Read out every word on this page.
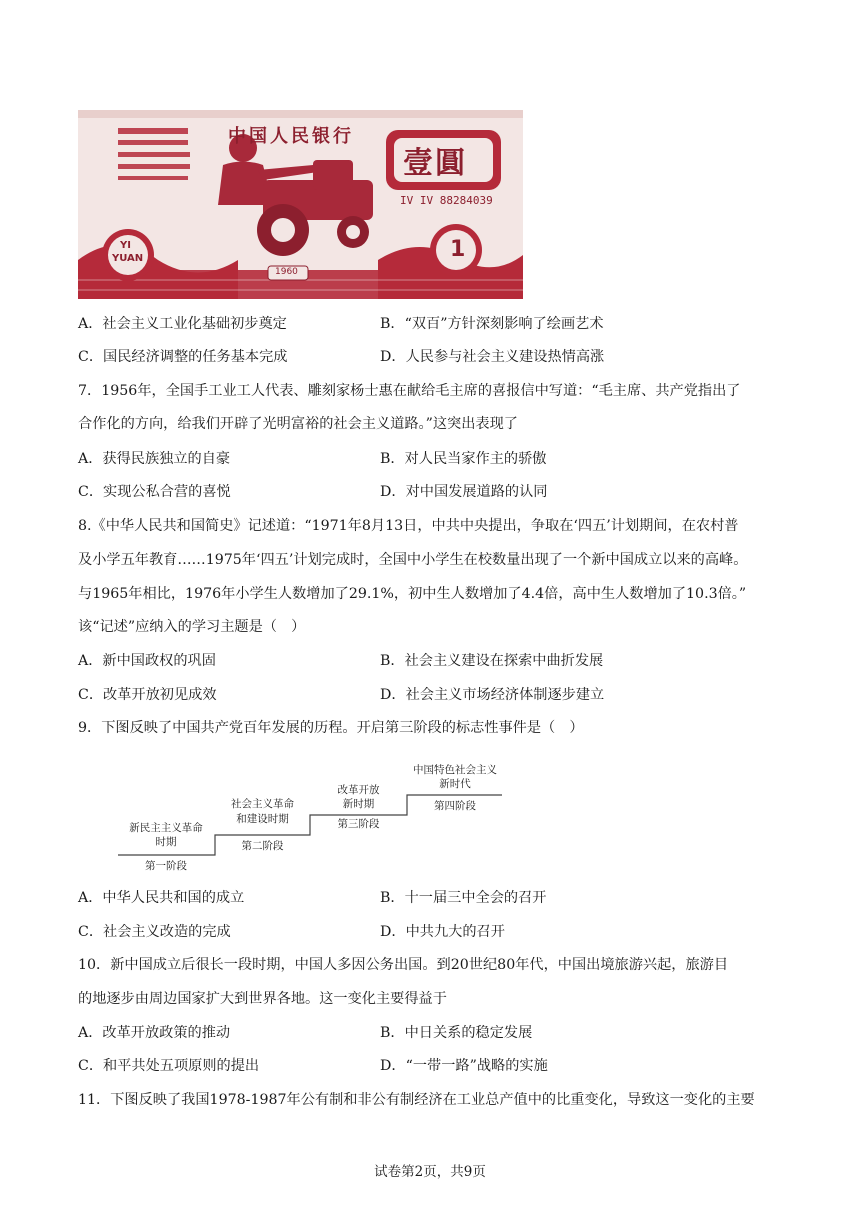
中国人民银行
壹圓
IV IV 88284039
YI
YUAN	1
1960
A．社会主义工业化基础初步奠定	B．“双百”方针深刻影响了绘画艺术
C．国民经济调整的任务基本完成	D．人民参与社会主义建设热情高涨
7．1956年，全国手工业工人代表、雕刻家杨士惠在献给毛主席的喜报信中写道：“毛主席、共产党指出了
合作化的方向，给我们开辟了光明富裕的社会主义道路。”这突出表现了
A．获得民族独立的自豪	B．对人民当家作主的骄傲
C．实现公私合营的喜悦	D．对中国发展道路的认同
8.《中华人民共和国简史》记述道：“1971年8月13日，中共中央提出，争取在‘四五’计划期间，在农村普
及小学五年教育……1975年‘四五’计划完成时，全国中小学生在校数量出现了一个新中国成立以来的高峰。
与1965年相比，1976年小学生人数增加了29.1%，初中生人数增加了4.4倍，高中生人数增加了10.3倍。”
该“记述”应纳入的学习主题是（　）
A．新中国政权的巩固	B．社会主义建设在探索中曲折发展
C．改革开放初见成效	D．社会主义市场经济体制逐步建立
9．下图反映了中国共产党百年发展的历程。开启第三阶段的标志性事件是（　）
新民主主义革命
时期
第一阶段
社会主义革命
和建设时期
第二阶段
改革开放
新时期
第三阶段
中国特色社会主义
新时代
第四阶段
A．中华人民共和国的成立	B．十一届三中全会的召开
C．社会主义改造的完成	D．中共九大的召开
10．新中国成立后很长一段时期，中国人多因公务出国。到20世纪80年代，中国出境旅游兴起，旅游目
的地逐步由周边国家扩大到世界各地。这一变化主要得益于
A．改革开放政策的推动	B．中日关系的稳定发展
C．和平共处五项原则的提出	D．“一带一路”战略的实施
11．下图反映了我国1978-1987年公有制和非公有制经济在工业总产值中的比重变化，导致这一变化的主要
试卷第2页，共9页
